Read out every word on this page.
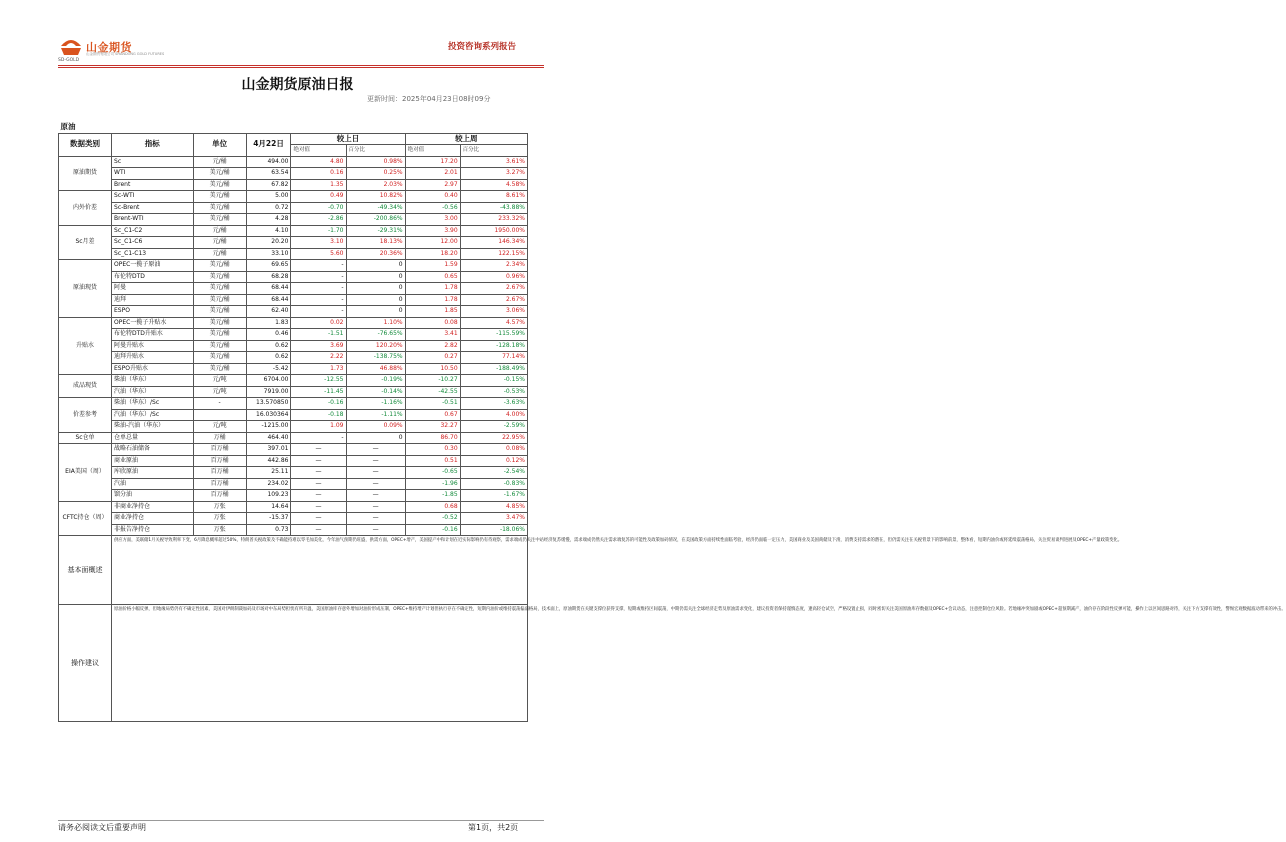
山金期货
山金期货有限公司 SHANDONG GOLD FUTURES
SD-GOLD
投资咨询系列报告
山金期货原油日报
更新时间：2025年04月23日08时09分
原油							
数据类别	指标	单位	4月22日	较上日		较上周	
				绝对值	百分比	绝对值	百分比
原油期货	Sc	元/桶	494.00	4.80	0.98%	17.20	3.61%
	WTI	美元/桶	63.54	0.16	0.25%	2.01	3.27%
	Brent	美元/桶	67.82	1.35	2.03%	2.97	4.58%
内外价差	Sc-WTI	美元/桶	5.00	0.49	10.82%	0.40	8.61%
	Sc-Brent	美元/桶	0.72	-0.70	-49.34%	-0.56	-43.88%
	Brent-WTI	美元/桶	4.28	-2.86	-200.86%	3.00	233.32%
Sc月差	Sc_C1-C2	元/桶	4.10	-1.70	-29.31%	3.90	1950.00%
	Sc_C1-C6	元/桶	20.20	3.10	18.13%	12.00	146.34%
	Sc_C1-C13	元/桶	33.10	5.60	20.36%	18.20	122.15%
原油现货	OPEC一揽子原油	美元/桶	69.65	-	0	1.59	2.34%
	布伦特DTD	美元/桶	68.28	-	0	0.65	0.96%
	阿曼	美元/桶	68.44	-	0	1.78	2.67%
	迪拜	美元/桶	68.44	-	0	1.78	2.67%
	ESPO	美元/桶	62.40	-	0	1.85	3.06%
升贴水	OPEC一揽子升贴水	美元/桶	1.83	0.02	1.10%	0.08	4.57%
	布伦特DTD升贴水	美元/桶	0.46	-1.51	-76.65%	3.41	-115.59%
	阿曼升贴水	美元/桶	0.62	3.69	120.20%	2.82	-128.18%
	迪拜升贴水	美元/桶	0.62	2.22	-138.75%	0.27	77.14%
	ESPO升贴水	美元/桶	-5.42	1.73	46.88%	10.50	-188.49%
成品现货	柴油（华东）	元/吨	6704.00	-12.55	-0.19%	-10.27	-0.15%
	汽油（华东）	元/吨	7919.00	-11.45	-0.14%	-42.55	-0.53%
价差参考	柴油（华东）/Sc	-	13.570850	-0.16	-1.16%	-0.51	-3.63%
	汽油（华东）/Sc		16.030364	-0.18	-1.11%	0.67	4.00%
	柴油-汽油（华东）	元/吨	-1215.00	1.09	0.09%	32.27	-2.59%
Sc仓单	仓单总量	万桶	464.40	-	0	86.70	22.95%
EIA美国（周）	战略石油储备	百万桶	397.01	—	—	0.30	0.08%
	商业原油	百万桶	442.86	—	—	0.51	0.12%
	库欣原油	百万桶	25.11	—	—	-0.65	-2.54%
	汽油	百万桶	234.02	—	—	-1.96	-0.83%
	馏分油	百万桶	109.23	—	—	-1.85	-1.67%
CFTC持仓（周）	非商业净持仓	万张	14.64	—	—	0.68	4.85%
	商业净持仓	万张	-15.37	—	—	-0.52	3.47%
	非报告净持仓	万张	0.73	—	—	-0.16	-18.06%
基本面概述	供应方面，美联储1月关税导致利率下变，6月降息概率超过50%，特朗普关税政策及不确能持难以零毛加美化，今年油气预期仍旺盛，供需方面，OPEC+增产，美国提产中和计划在近实际影响仍有待观察，需求端成仍关注中站经济复苏缓慢，需求端成仍然关注需求端复苏的可能性及政策加码情况，在美国政策方面持续性面临考验，经济仍面临一定压力，美国商业及美国商储及下滑，消费支持需求的潜在，但仍需关注在关税背景下的影响前景，整体看，短期内油价或将延续震荡格局，关注贸易谈判进展及OPEC+产量政策变化。						
操作建议	原油价格小幅反弹，但地缘局势仍有不确定性因素，美国对伊朗制裁加码及市场对中东局势担忧有所升温，美国原油库存意外增加对油价形成压制，OPEC+维持增产计划但执行存在不确定性，短期内油价或维持震荡偏弱格局，技术面上，原油期货在关键支撑位获得支撑，短期或维持区间震荡，中期仍需关注全球经济走势及原油需求变化，建议投资者保持谨慎态度，逢高轻仓试空，严格设置止损，同时密切关注美国原油库存数据及OPEC+会议动态，注意控制仓位风险。若地缘冲突加剧或OPEC+超预期减产，油价存在阶段性反弹可能，操作上以区间思路对待，关注下方支撑有效性，警惕宏观数据波动带来的冲击。						
请务必阅读文后重要声明	第1页，共2页
